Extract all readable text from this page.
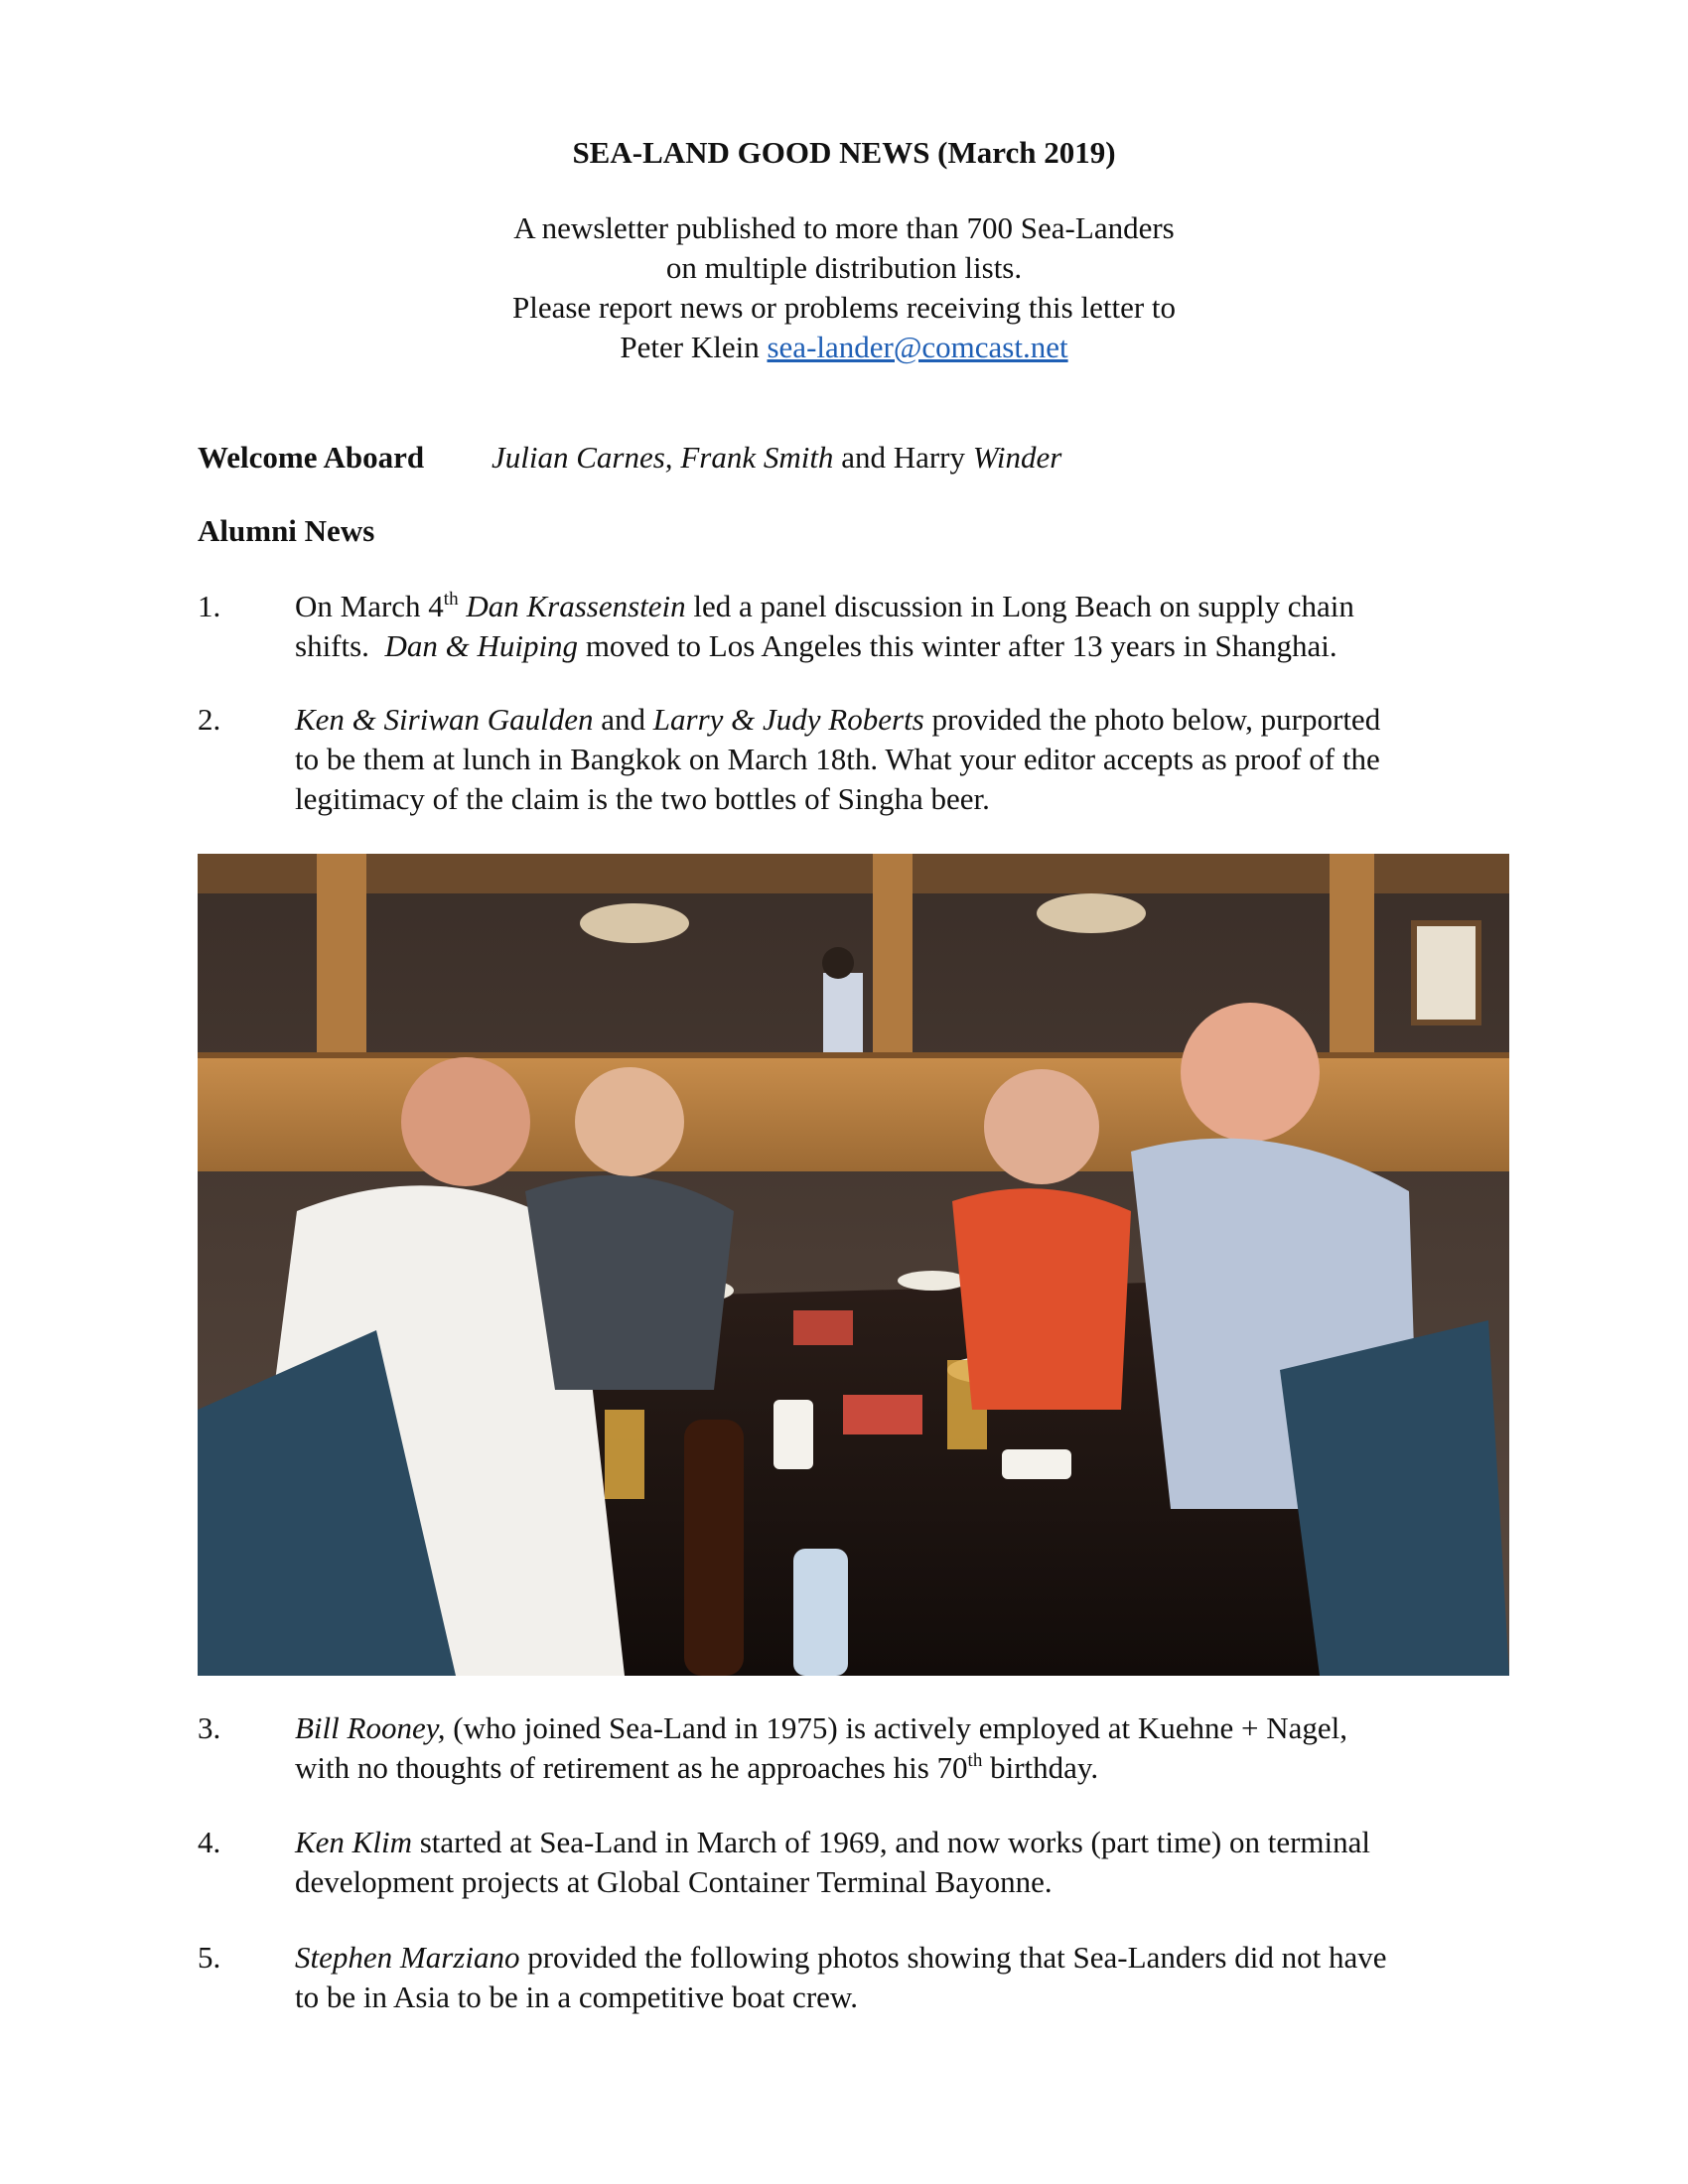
SEA-LAND GOOD NEWS (March 2019)
A newsletter published to more than 700 Sea-Landers
on multiple distribution lists.
Please report news or problems receiving this letter to
Peter Klein sea-lander@comcast.net
Welcome Aboard Julian Carnes, Frank Smith and Harry Winder
Alumni News
1.	On March 4th Dan Krassenstein led a panel discussion in Long Beach on supply chain
shifts. Dan & Huiping moved to Los Angeles this winter after 13 years in Shanghai.
2.	Ken & Siriwan Gaulden and Larry & Judy Roberts provided the photo below, purported
to be them at lunch in Bangkok on March 18th. What your editor accepts as proof of the
legitimacy of the claim is the two bottles of Singha beer.
3.	Bill Rooney, (who joined Sea-Land in 1975) is actively employed at Kuehne + Nagel,
with no thoughts of retirement as he approaches his 70th birthday.
4.	Ken Klim started at Sea-Land in March of 1969, and now works (part time) on terminal
development projects at Global Container Terminal Bayonne.
5.	Stephen Marziano provided the following photos showing that Sea-Landers did not have
to be in Asia to be in a competitive boat crew.
